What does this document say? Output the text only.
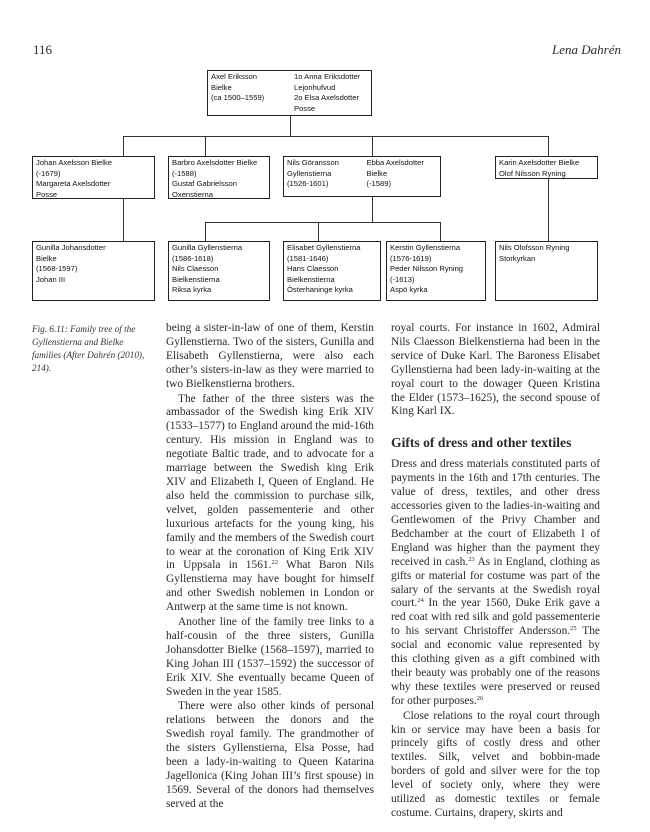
116	Lena Dahrén
Axel Eriksson
Bielke
(ca 1500–1559)
1o Anna Eriksdotter
Lejonhufvud
2o Elsa Axelsdotter
Posse
Johan Axelsson Bielke
(-1679)
Margareta Axelsdotter
Posse
Barbro Axelsdotter Bielke
(-1588)
Gustaf Gabrielsson
Oxenstierna
Nils Göransson
Gyllenstierna
(1526-1601)
Ebba Axelsdotter
Bielke
(-1589)
Karin Axelsdotter Bielke
Olof Nilsson Ryning
Gunilla Johansdotter
Bielke
(1568-1597)
Johan III
Gunilla Gyllenstierna
(1586-1618)
Nils Claesson
Bielkenstierna
Riksa kyrka
Elisabet Gyllenstierna
(1581-1646)
Hans Claesson
Bielkenstierna
Österhaninge kyrka
Kerstin Gyllenstierna
(1576-1619)
Peder Nilsson Ryning
(-1613)
Aspö kyrka
Nils Olofsson Ryning
Storkyrkan
Fig. 6.11: Family tree of the Gyllenstierna and Bielke families (After Dahrén (2010), 214).

being a sister-in-law of one of them, Kerstin Gyllenstierna. Two of the sisters, Gunilla and Elisabeth Gyllenstierna, were also each other’s sisters-in-law as they were married to two Bielkenstierna brothers.

The father of the three sisters was the ambassador of the Swedish king Erik XIV (1533–1577) to England around the mid-16th century. His mission in England was to negotiate Baltic trade, and to advocate for a marriage between the Swedish king Erik XIV and Elizabeth I, Queen of England. He also held the commission to purchase silk, velvet, golden passementerie and other luxurious artefacts for the young king, his family and the members of the Swedish court to wear at the coronation of King Erik XIV in Uppsala in 1561.22 What Baron Nils Gyllenstierna may have bought for himself and other Swedish noblemen in London or Antwerp at the same time is not known.

Another line of the family tree links to a half-cousin of the three sisters, Gunilla Johansdotter Bielke (1568–1597), married to King Johan III (1537–1592) the successor of Erik XIV. She eventually became Queen of Sweden in the year 1585.

There were also other kinds of personal relations between the donors and the Swedish royal family. The grandmother of the sisters Gyllenstierna, Elsa Posse, had been a lady-in-waiting to Queen Katarina Jagellonica (King Johan III’s first spouse) in 1569. Several of the donors had themselves served at the

royal courts. For instance in 1602, Admiral Nils Claesson Bielkenstierna had been in the service of Duke Karl. The Baroness Elisabet Gyllenstierna had been lady-in-waiting at the royal court to the dowager Queen Kristina the Elder (1573–1625), the second spouse of King Karl IX.

Gifts of dress and other textiles

Dress and dress materials constituted parts of payments in the 16th and 17th centuries. The value of dress, textiles, and other dress accessories given to the ladies-in-waiting and Gentlewomen of the Privy Chamber and Bedchamber at the court of Elizabeth I of England was higher than the payment they received in cash.$^{23}$ As in England, clothing as gifts or material for costume was part of the salary of the servants at the Swedish royal court.$^{24}$ In the year 1560, Duke Erik gave a red coat with red silk and gold passementerie to his servant Christoffer Andersson.$^{25}$ The social and economic value represented by this clothing given as a gift combined with their beauty was probably one of the reasons why these textiles were preserved or reused for other purposes.$^{26}$

Close relations to the royal court through kin or service may have been a basis for princely gifts of costly dress and other textiles. Silk, velvet and bobbin-made borders of gold and silver were for the top level of society only, where they were utilized as domestic textiles or female costume. Curtains, drapery, skirts and
